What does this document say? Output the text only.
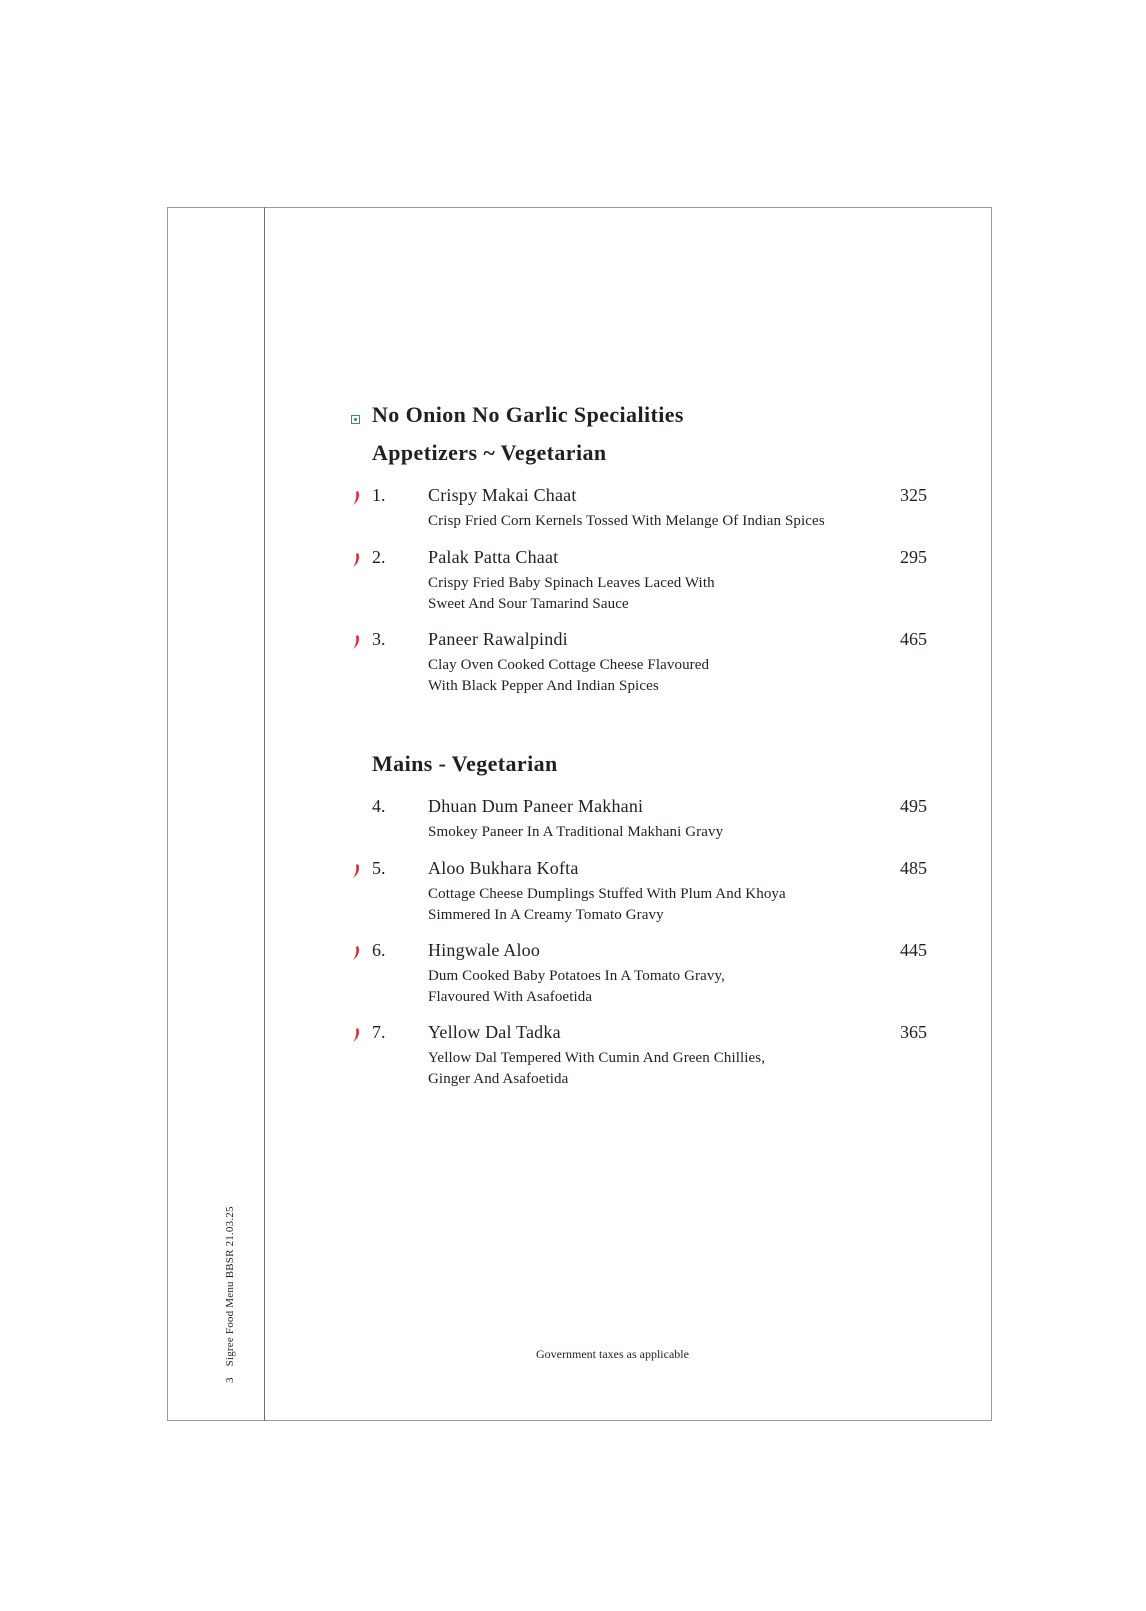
3 Sigree Food Menu BBSR 21.03.25
No Onion No Garlic Specialities
Appetizers ~ Vegetarian
1. Crispy Makai Chaat	325
Crisp Fried Corn Kernels Tossed With Melange Of Indian Spices
2. Palak Patta Chaat	295
Crispy Fried Baby Spinach Leaves Laced With
Sweet And Sour Tamarind Sauce
3. Paneer Rawalpindi	465
Clay Oven Cooked Cottage Cheese Flavoured
With Black Pepper And Indian Spices
Mains - Vegetarian
4. Dhuan Dum Paneer Makhani	495
Smokey Paneer In A Traditional Makhani Gravy
5. Aloo Bukhara Kofta	485
Cottage Cheese Dumplings Stuffed With Plum And Khoya
Simmered In A Creamy Tomato Gravy
6. Hingwale Aloo	445
Dum Cooked Baby Potatoes In A Tomato Gravy,
Flavoured With Asafoetida
7. Yellow Dal Tadka	365
Yellow Dal Tempered With Cumin And Green Chillies,
Ginger And Asafoetida
Government taxes as applicable
